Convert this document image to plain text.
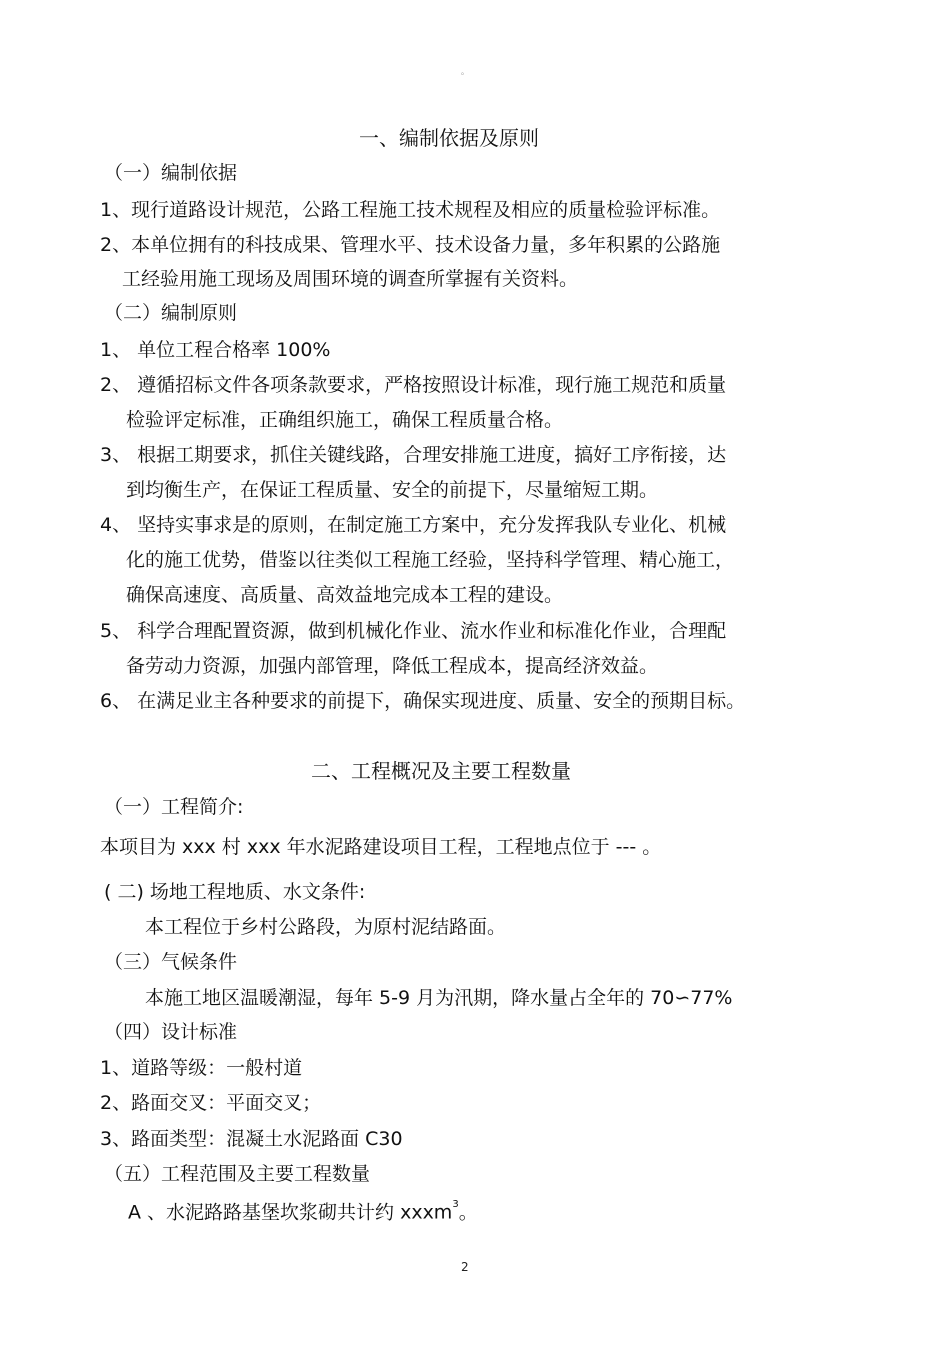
。
一、编制依据及原则
（一）编制依据
1、现行道路设计规范，公路工程施工技术规程及相应的质量检验评标准。
2、本单位拥有的科技成果、管理水平、技术设备力量，多年积累的公路施
工经验用施工现场及周围环境的调查所掌握有关资料。
（二）编制原则
1、 单位工程合格率 100%
2、 遵循招标文件各项条款要求，严格按照设计标准，现行施工规范和质量
检验评定标准，正确组织施工，确保工程质量合格。
3、 根据工期要求，抓住关键线路，合理安排施工进度，搞好工序衔接，达
到均衡生产，在保证工程质量、安全的前提下，尽量缩短工期。
4、 坚持实事求是的原则，在制定施工方案中，充分发挥我队专业化、机械
化的施工优势，借鉴以往类似工程施工经验，坚持科学管理、精心施工，
确保高速度、高质量、高效益地完成本工程的建设。
5、 科学合理配置资源，做到机械化作业、流水作业和标准化作业，合理配
备劳动力资源，加强内部管理，降低工程成本，提高经济效益。
6、 在满足业主各种要求的前提下，确保实现进度、质量、安全的预期目标。
二、工程概况及主要工程数量
（一）工程简介:
本项目为 xxx 村 xxx 年水泥路建设项目工程，工程地点位于 --- 。
( 二) 场地工程地质、水文条件:
本工程位于乡村公路段，为原村泥结路面。
（三）气候条件
本施工地区温暖潮湿，每年 5-9 月为汛期，降水量占全年的 70∽77%
（四）设计标准
1、道路等级：一般村道
2、路面交叉：平面交叉；
3、路面类型：混凝土水泥路面 C30
（五）工程范围及主要工程数量
A 、水泥路路基堡坎浆砌共计约 xxxm$^3$。
2
